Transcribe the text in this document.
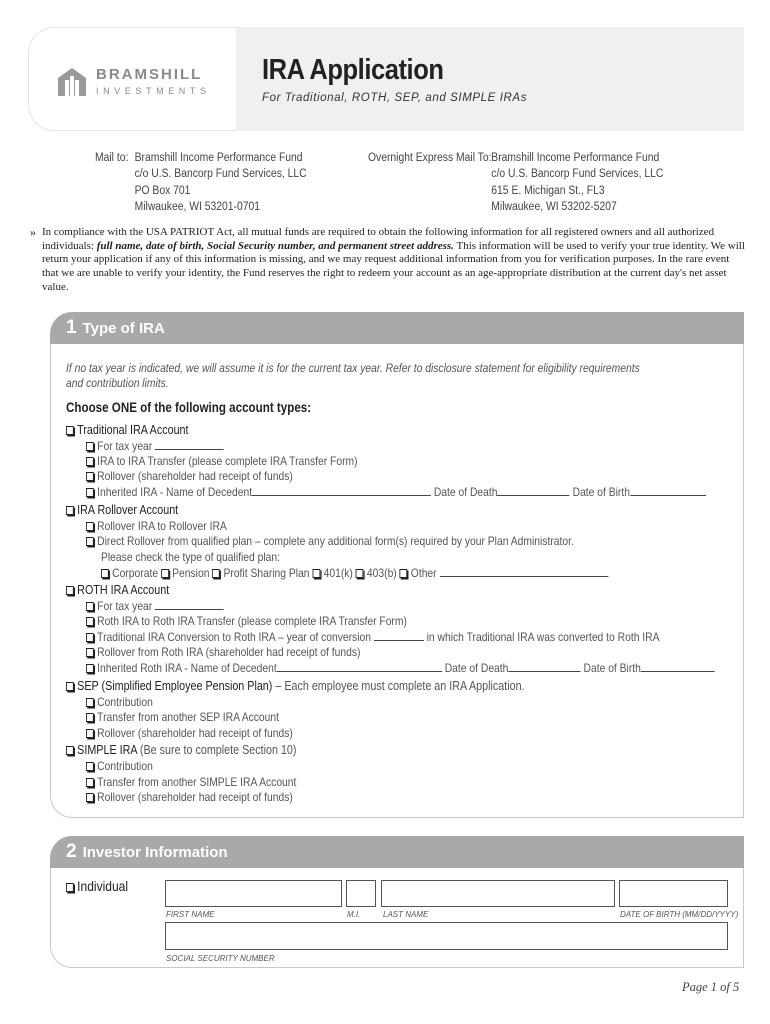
BRAMSHILL
INVESTMENTS
IRA Application
For Traditional, ROTH, SEP, and SIMPLE IRAs
Mail to: Bramshill Income Performance Fund
c/o U.S. Bancorp Fund Services, LLC
PO Box 701
Milwaukee, WI 53201-0701
Overnight Express Mail To: Bramshill Income Performance Fund
c/o U.S. Bancorp Fund Services, LLC
615 E. Michigan St., FL3
Milwaukee, WI 53202-5207
» In compliance with the USA PATRIOT Act, all mutual funds are required to obtain the following information for all registered owners and all authorized individuals: full name, date of birth, Social Security number, and permanent street address. This information will be used to verify your true identity. We will return your application if any of this information is missing, and we may request additional information from you for verification purposes. In the rare event that we are unable to verify your identity, the Fund reserves the right to redeem your account as an age-appropriate distribution at the current day's net asset value.

1 Type of IRA
If no tax year is indicated, we will assume it is for the current tax year. Refer to disclosure statement for eligibility requirements and contribution limits.
Choose ONE of the following account types:
Traditional IRA Account
For tax year
IRA to IRA Transfer (please complete IRA Transfer Form)
Rollover (shareholder had receipt of funds)
Inherited IRA - Name of Decedent	Date of Death	Date of Birth
IRA Rollover Account
Rollover IRA to Rollover IRA
Direct Rollover from qualified plan – complete any additional form(s) required by your Plan Administrator.
Please check the type of qualified plan:
Corporate Pension Profit Sharing Plan 401(k) 403(b) Other
ROTH IRA Account
For tax year
Roth IRA to Roth IRA Transfer (please complete IRA Transfer Form)
Traditional IRA Conversion to Roth IRA – year of conversion	in which Traditional IRA was converted to Roth IRA
Rollover from Roth IRA (shareholder had receipt of funds)
Inherited Roth IRA - Name of Decedent	Date of Death	Date of Birth
SEP (Simplified Employee Pension Plan) – Each employee must complete an IRA Application.
Contribution
Transfer from another SEP IRA Account
Rollover (shareholder had receipt of funds)
SIMPLE IRA (Be sure to complete Section 10)
Contribution
Transfer from another SIMPLE IRA Account
Rollover (shareholder had receipt of funds)
2 Investor Information
Individual
FIRST NAME	M.I.	LAST NAME	DATE OF BIRTH (MM/DD/YYYY)
SOCIAL SECURITY NUMBER
Page 1 of 5
